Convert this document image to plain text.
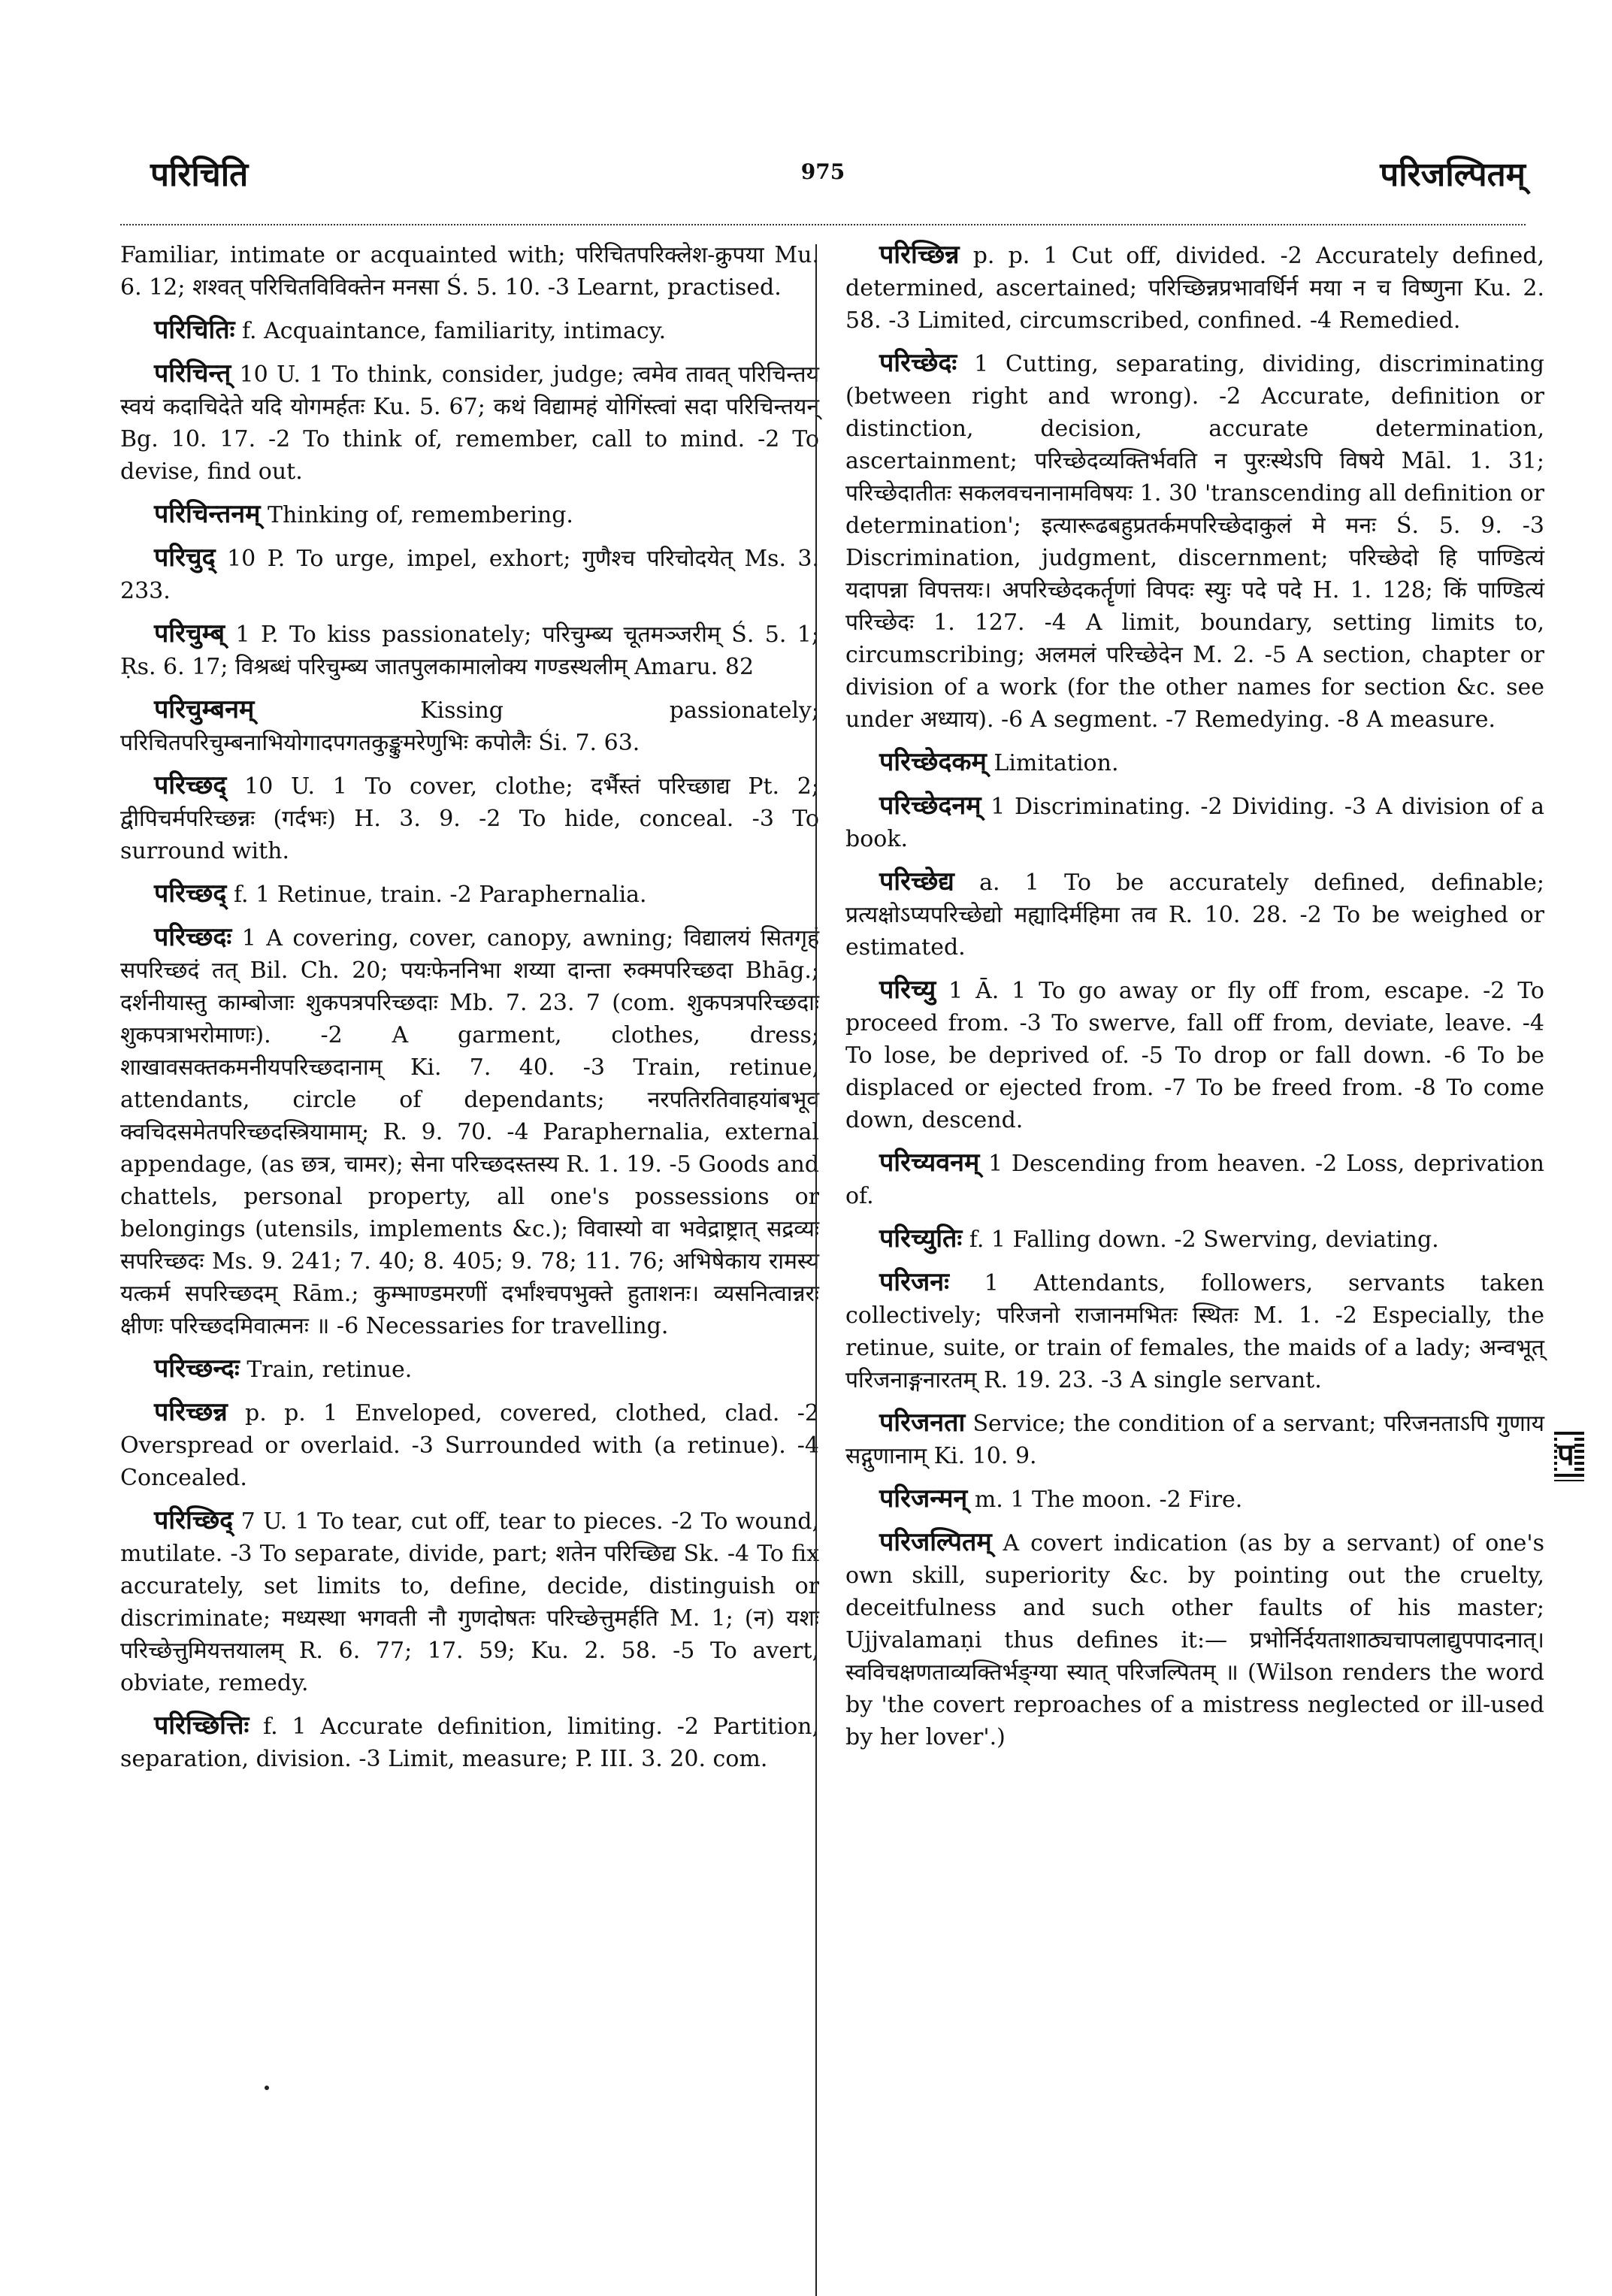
परिचिति	975	परिजल्पितम्

Familiar, intimate or acquainted with; परिचितपरिक्लेश-क्रुपया Mu. 6. 12; शश्वत् परिचितविविक्तेन मनसा Ś. 5. 10. -3 Learnt, practised.

परिचितिः f. Acquaintance, familiarity, intimacy.

परिचिन्त् 10 U. 1 To think, consider, judge; त्वमेव तावत् परिचिन्तय स्वयं कदाचिदेते यदि योगमर्हतः Ku. 5. 67; कथं विद्यामहं योगिंस्त्वां सदा परिचिन्तयन् Bg. 10. 17. -2 To think of, remember, call to mind. -2 To devise, find out.

परिचिन्तनम् Thinking of, remembering.

परिचुद् 10 P. To urge, impel, exhort; गुणैश्च परिचोदयेत् Ms. 3. 233.

परिचुम्ब् 1 P. To kiss passionately; परिचुम्ब्य चूतमञ्जरीम् Ś. 5. 1; Ṛs. 6. 17; विश्रब्धं परिचुम्ब्य जातपुलकामालोक्य गण्डस्थलीम् Amaru. 82

परिचुम्बनम् Kissing passionately; परिचितपरिचुम्बनाभियोगादपगतकुङ्कुमरेणुभिः कपोलैः Śi. 7. 63.

परिच्छद् 10 U. 1 To cover, clothe; दर्भैस्तं परिच्छाद्य Pt. 2; द्वीपिचर्मपरिच्छन्नः (गर्दभः) H. 3. 9. -2 To hide, conceal. -3 To surround with.

परिच्छद् f. 1 Retinue, train. -2 Paraphernalia.

परिच्छदः 1 A covering, cover, canopy, awning; विद्यालयं सितगृहं सपरिच्छदं तत् Bil. Ch. 20; पयःफेननिभा शय्या दान्ता रुक्मपरिच्छदा Bhāg.; दर्शनीयास्तु काम्बोजाः शुकपत्रपरिच्छदाः Mb. 7. 23. 7 (com. शुकपत्रपरिच्छदाः शुकपत्राभरोमाणः). -2 A garment, clothes, dress; शाखावसक्तकमनीयपरिच्छदानाम् Ki. 7. 40. -3 Train, retinue, attendants, circle of dependants; नरपतिरतिवाहयांबभूव क्वचिदसमेतपरिच्छदस्त्रियामाम्; R. 9. 70. -4 Paraphernalia, external appendage, (as छत्र, चामर); सेना परिच्छदस्तस्य R. 1. 19. -5 Goods and chattels, personal property, all one's possessions or belongings (utensils, implements &c.); विवास्यो वा भवेद्राष्ट्रात् सद्रव्यः सपरिच्छदः Ms. 9. 241; 7. 40; 8. 405; 9. 78; 11. 76; अभिषेकाय रामस्य यत्कर्म सपरिच्छदम् Rām.; कुम्भाण्डमरणीं दर्भांश्चपभुक्ते हुताशनः। व्यसनित्वान्नरः क्षीणः परिच्छदमिवात्मनः ॥ -6 Necessaries for travelling.

परिच्छन्दः Train, retinue.

परिच्छन्न p. p. 1 Enveloped, covered, clothed, clad. -2 Overspread or overlaid. -3 Surrounded with (a retinue). -4 Concealed.

परिच्छिद् 7 U. 1 To tear, cut off, tear to pieces. -2 To wound, mutilate. -3 To separate, divide, part; शतेन परिच्छिद्य Sk. -4 To fix accurately, set limits to, define, decide, distinguish or discriminate; मध्यस्था भगवती नौ गुणदोषतः परिच्छेत्तुमर्हति M. 1; (न) यशः परिच्छेत्तुमियत्तयालम् R. 6. 77; 17. 59; Ku. 2. 58. -5 To avert, obviate, remedy.

परिच्छित्तिः f. 1 Accurate definition, limiting. -2 Partition, separation, division. -3 Limit, measure; P. III. 3. 20. com.

परिच्छिन्न p. p. 1 Cut off, divided. -2 Accurately defined, determined, ascertained; परिच्छिन्नप्रभावर्धिर्न मया न च विष्णुना Ku. 2. 58. -3 Limited, circumscribed, confined. -4 Remedied.

परिच्छेदः 1 Cutting, separating, dividing, discriminating (between right and wrong). -2 Accurate, definition or distinction, decision, accurate determination, ascertainment; परिच्छेदव्यक्तिर्भवति न पुरःस्थेऽपि विषये Māl. 1. 31; परिच्छेदातीतः सकलवचनानामविषयः 1. 30 'transcending all definition or determination'; इत्यारूढबहुप्रतर्कमपरिच्छेदाकुलं मे मनः Ś. 5. 9. -3 Discrimination, judgment, discernment; परिच्छेदो हि पाण्डित्यं यदापन्ना विपत्तयः। अपरिच्छेदकर्तॄणां विपदः स्युः पदे पदे H. 1. 128; किं पाण्डित्यं परिच्छेदः 1. 127. -4 A limit, boundary, setting limits to, circumscribing; अलमलं परिच्छेदेन M. 2. -5 A section, chapter or division of a work (for the other names for section &c. see under अध्याय). -6 A segment. -7 Remedying. -8 A measure.

परिच्छेदकम् Limitation.

परिच्छेदनम् 1 Discriminating. -2 Dividing. -3 A division of a book.

परिच्छेद्य a. 1 To be accurately defined, definable; प्रत्यक्षोऽप्यपरिच्छेद्यो मह्यादिर्महिमा तव R. 10. 28. -2 To be weighed or estimated.

परिच्यु 1 Ā. 1 To go away or fly off from, escape. -2 To proceed from. -3 To swerve, fall off from, deviate, leave. -4 To lose, be deprived of. -5 To drop or fall down. -6 To be displaced or ejected from. -7 To be freed from. -8 To come down, descend.

परिच्यवनम् 1 Descending from heaven. -2 Loss, deprivation of.

परिच्युतिः f. 1 Falling down. -2 Swerving, deviating.

परिजनः 1 Attendants, followers, servants taken collectively; परिजनो राजानमभितः स्थितः M. 1. -2 Especially, the retinue, suite, or train of females, the maids of a lady; अन्वभूत् परिजनाङ्गनारतम् R. 19. 23. -3 A single servant.

परिजनता Service; the condition of a servant; परिजनताऽपि गुणाय सद्गुणानाम् Ki. 10. 9.

परिजन्मन् m. 1 The moon. -2 Fire.

परिजल्पितम् A covert indication (as by a servant) of one's own skill, superiority &c. by pointing out the cruelty, deceitfulness and such other faults of his master; Ujjvalamaṇi thus defines it:— प्रभोर्निर्दयताशाठ्यचापलाद्युपपादनात्। स्वविचक्षणताव्यक्तिर्भङ्ग्या स्यात् परिजल्पितम् ॥ (Wilson renders the word by 'the covert reproaches of a mistress neglected or ill-used by her lover'.)

प
